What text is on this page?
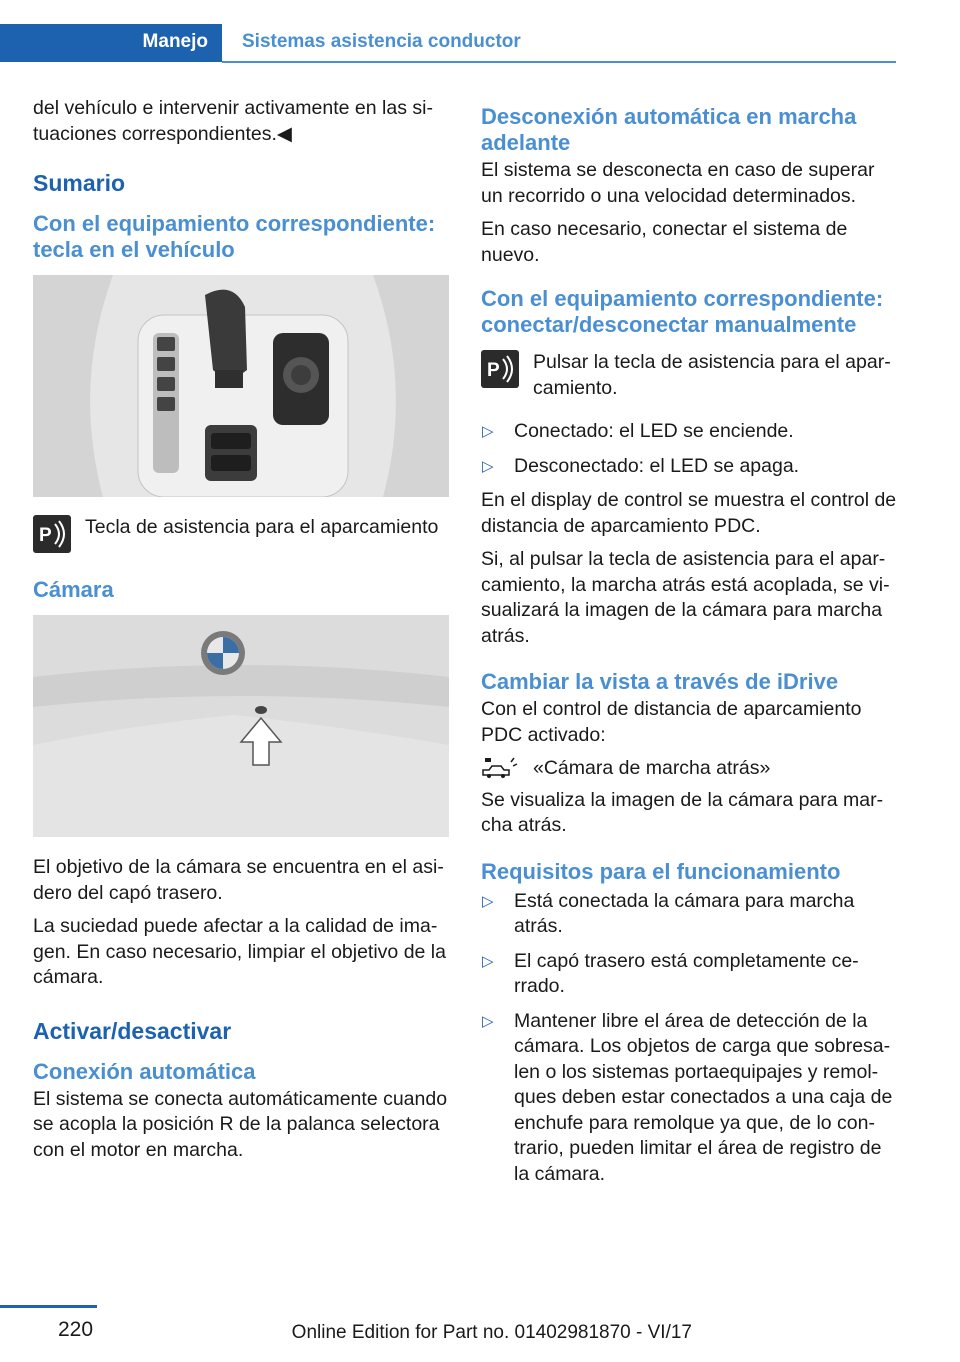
Manejo Sistemas asistencia conductor

del vehículo e intervenir activamente en las si‐ tuaciones correspondientes.◀

Sumario
Con el equipamiento correspondiente: tecla en el vehículo
P Tecla de asistencia para el aparcamiento

Cámara

El objetivo de la cámara se encuentra en el asi‐ dero del capó trasero.

La suciedad puede afectar a la calidad de ima‐ gen. En caso necesario, limpiar el objetivo de la cámara.

Activar/desactivar
Conexión automática

El sistema se conecta automáticamente cuando se acopla la posición R de la palanca selectora con el motor en marcha.

Desconexión automática en marcha adelante

El sistema se desconecta en caso de superar un recorrido o una velocidad determinados.

En caso necesario, conectar el sistema de nuevo.

Con el equipamiento correspondiente: conectar/desconectar manualmente
P Pulsar la tecla de asistencia para el apar‐ camiento.

▷ Conectado: el LED se enciende.
▷ Desconectado: el LED se apaga.

En el display de control se muestra el control de distancia de aparcamiento PDC.

Si, al pulsar la tecla de asistencia para el apar‐ camiento, la marcha atrás está acoplada, se vi‐ sualizará la imagen de la cámara para marcha atrás.

Cambiar la vista a través de iDrive

Con el control de distancia de aparcamiento PDC activado:

«Cámara de marcha atrás»

Se visualiza la imagen de la cámara para mar‐ cha atrás.

Requisitos para el funcionamiento
▷ Está conectada la cámara para marcha atrás.
▷ El capó trasero está completamente ce‐ rrado.
▷ Mantener libre el área de detección de la cámara. Los objetos de carga que sobresa‐ len o los sistemas portaequipajes y remol‐ ques deben estar conectados a una caja de enchufe para remolque ya que, de lo con‐ trario, pueden limitar el área de registro de la cámara.
220	Online Edition for Part no. 01402981870 - VI/17
